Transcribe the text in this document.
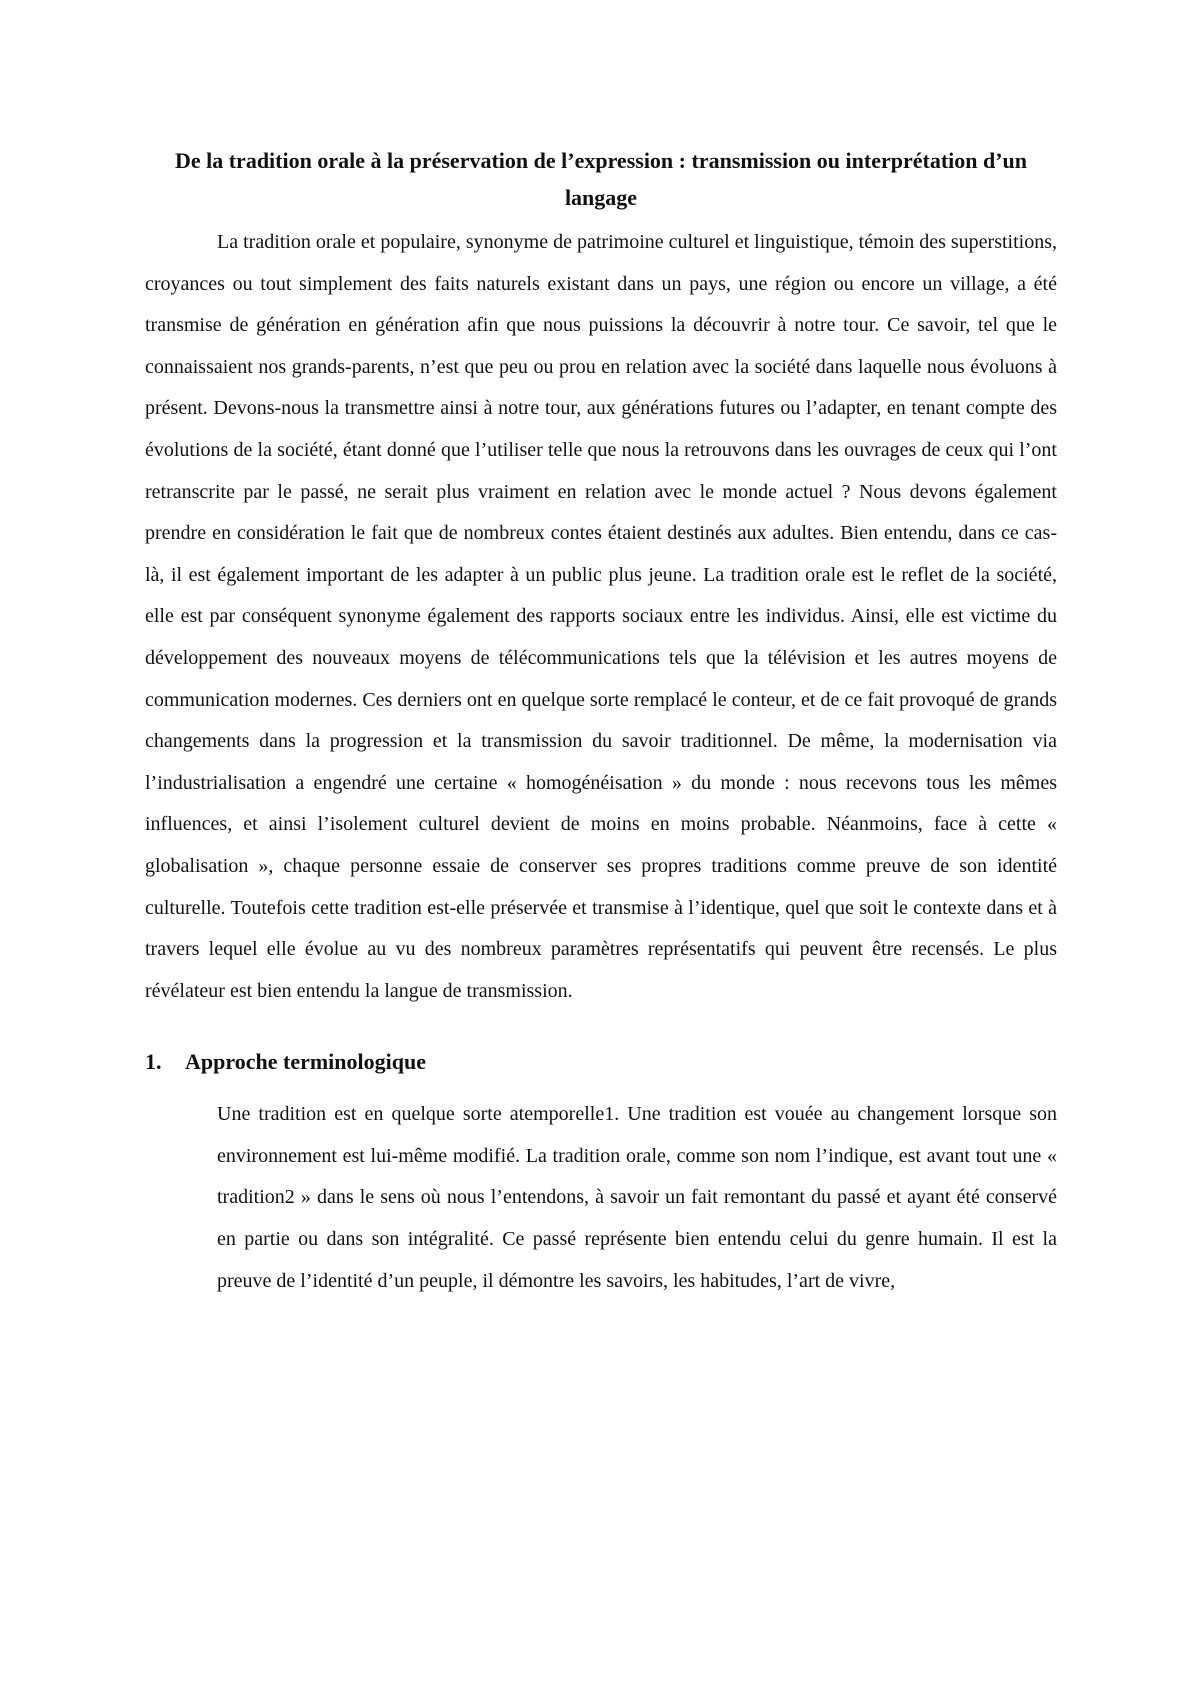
De la tradition orale à la préservation de l’expression : transmission ou interprétation d’un langage

La tradition orale et populaire, synonyme de patrimoine culturel et linguistique, témoin des superstitions, croyances ou tout simplement des faits naturels existant dans un pays, une région ou encore un village, a été transmise de génération en génération afin que nous puissions la découvrir à notre tour. Ce savoir, tel que le connaissaient nos grands-parents, n’est que peu ou prou en relation avec la société dans laquelle nous évoluons à présent. Devons-nous la transmettre ainsi à notre tour, aux générations futures ou l’adapter, en tenant compte des évolutions de la société, étant donné que l’utiliser telle que nous la retrouvons dans les ouvrages de ceux qui l’ont retranscrite par le passé, ne serait plus vraiment en relation avec le monde actuel ? Nous devons également prendre en considération le fait que de nombreux contes étaient destinés aux adultes. Bien entendu, dans ce cas-là, il est également important de les adapter à un public plus jeune. La tradition orale est le reflet de la société, elle est par conséquent synonyme également des rapports sociaux entre les individus. Ainsi, elle est victime du développement des nouveaux moyens de télécommunications tels que la télévision et les autres moyens de communication modernes. Ces derniers ont en quelque sorte remplacé le conteur, et de ce fait provoqué de grands changements dans la progression et la transmission du savoir traditionnel. De même, la modernisation via l’industrialisation a engendré une certaine « homogénéisation » du monde : nous recevons tous les mêmes influences, et ainsi l’isolement culturel devient de moins en moins probable. Néanmoins, face à cette « globalisation », chaque personne essaie de conserver ses propres traditions comme preuve de son identité culturelle. Toutefois cette tradition est-elle préservée et transmise à l’identique, quel que soit le contexte dans et à travers lequel elle évolue au vu des nombreux paramètres représentatifs qui peuvent être recensés. Le plus révélateur est bien entendu la langue de transmission.

1. Approche terminologique

Une tradition est en quelque sorte atemporelle1. Une tradition est vouée au changement lorsque son environnement est lui-même modifié. La tradition orale, comme son nom l’indique, est avant tout une « tradition2 » dans le sens où nous l’entendons, à savoir un fait remontant du passé et ayant été conservé en partie ou dans son intégralité. Ce passé représente bien entendu celui du genre humain. Il est la preuve de l’identité d’un peuple, il démontre les savoirs, les habitudes, l’art de vivre,
